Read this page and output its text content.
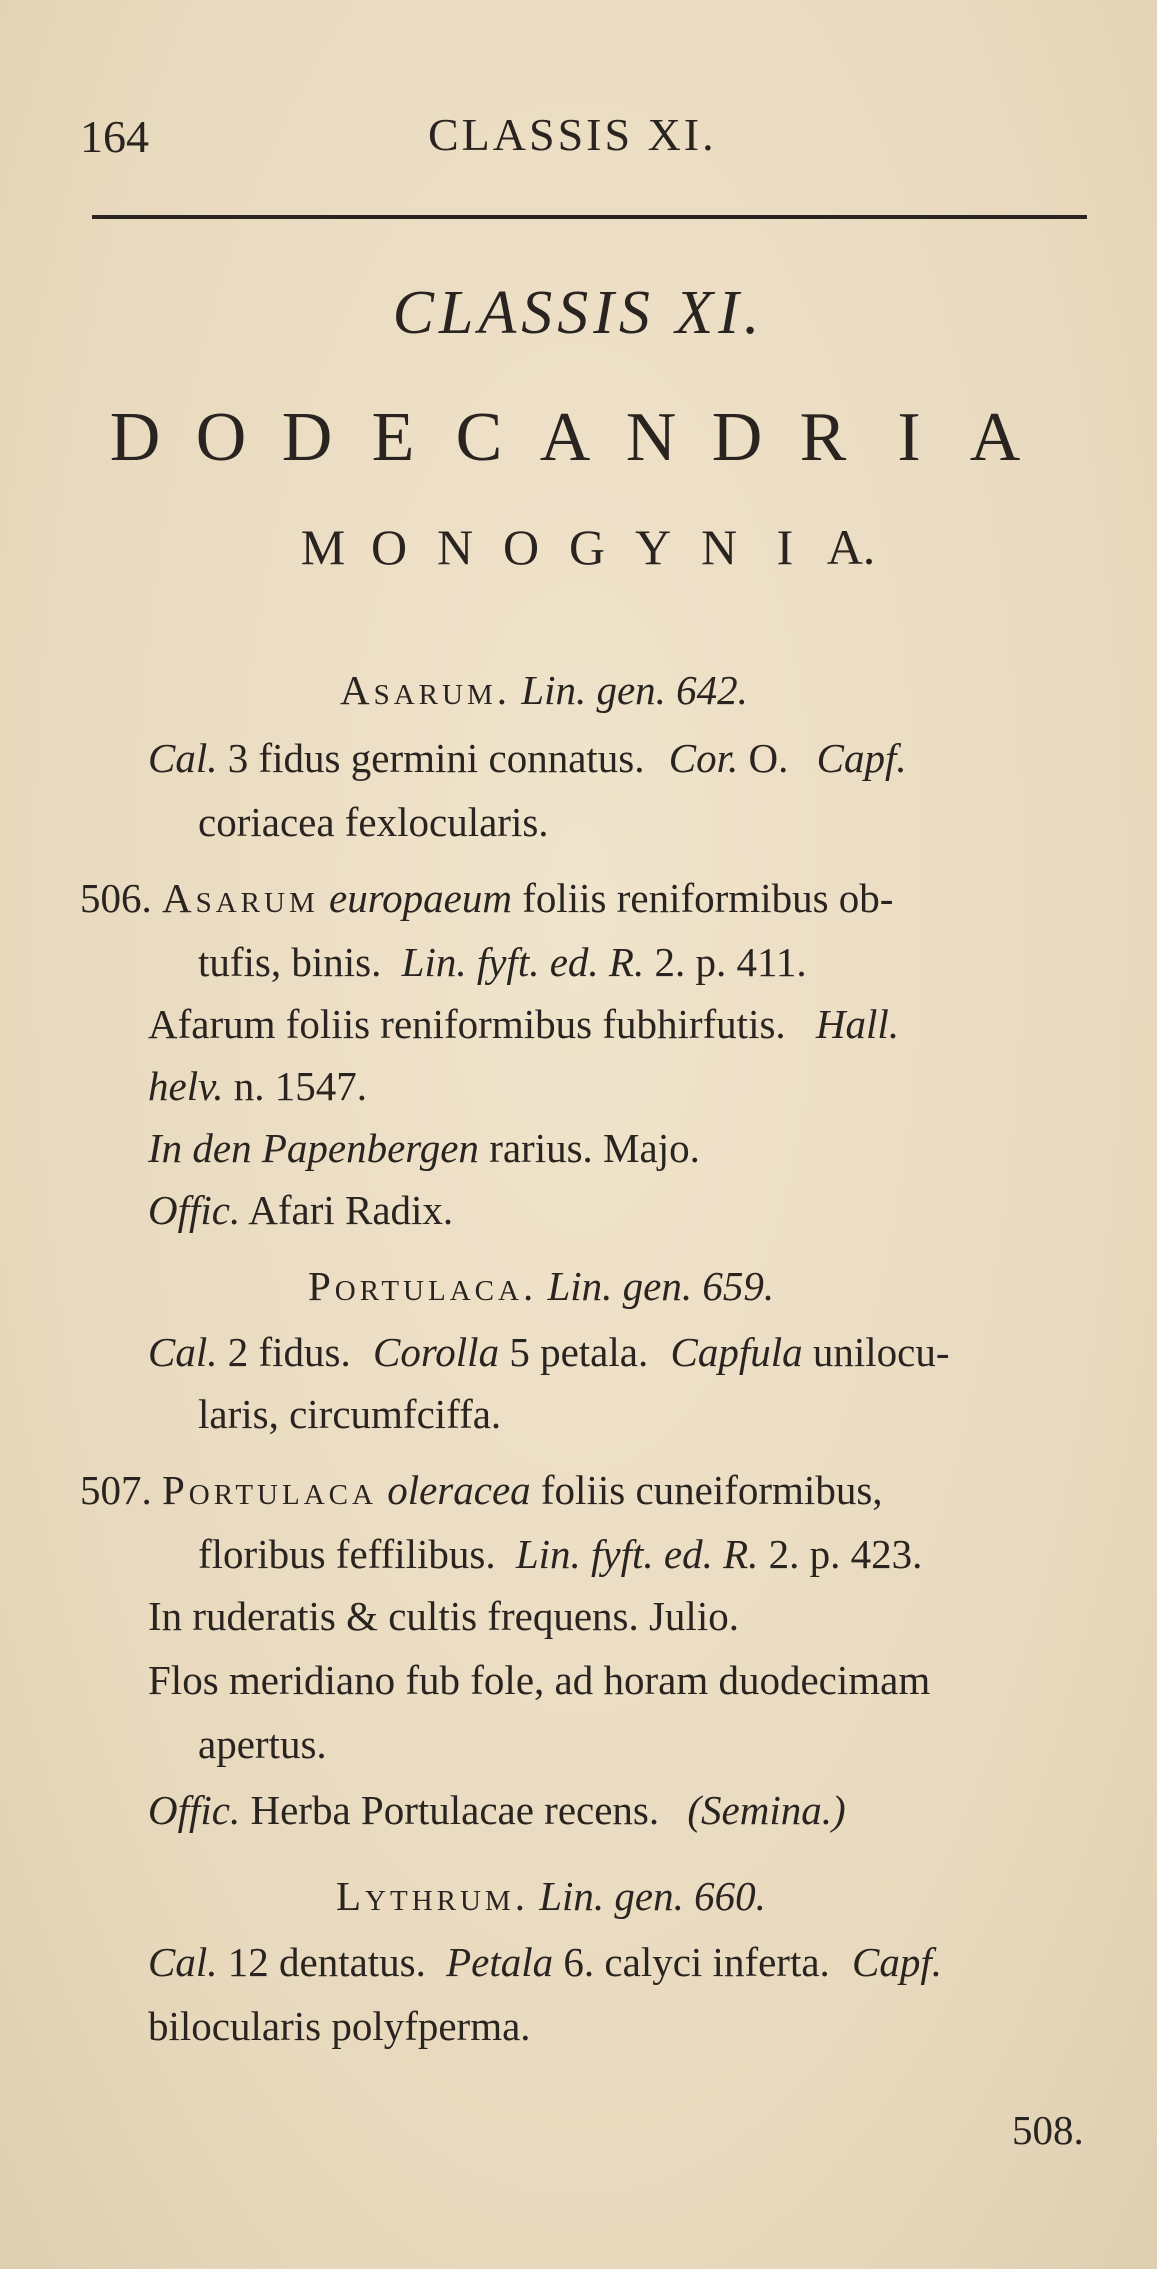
164	CLASSIS XI.
CLASSIS XI.
D O D E C A N D R I A
M O N O G Y N I A.
Asarum. Lin. gen. 642.
Cal. 3 fidus germini connatus. Cor. O. Capf.
coriacea fexlocularis.
506. Asarum europaeum foliis reniformibus ob-
tufis, binis. Lin. fyft. ed. R. 2. p. 411.
Afarum foliis reniformibus fubhirfutis. Hall.
helv. n. 1547.
In den Papenbergen rarius. Majo.
Offic. Afari Radix.
Portulaca. Lin. gen. 659.
Cal. 2 fidus. Corolla 5 petala. Capfula unilocu-
laris, circumfciffa.
507. Portulaca oleracea foliis cuneiformibus,
floribus feffilibus. Lin. fyft. ed. R. 2. p. 423.
In ruderatis & cultis frequens. Julio.
Flos meridiano fub fole, ad horam duodecimam
apertus.
Offic. Herba Portulacae recens. (Semina.)
Lythrum. Lin. gen. 660.
Cal. 12 dentatus. Petala 6. calyci inferta. Capf.
bilocularis polyfperma.
508.
